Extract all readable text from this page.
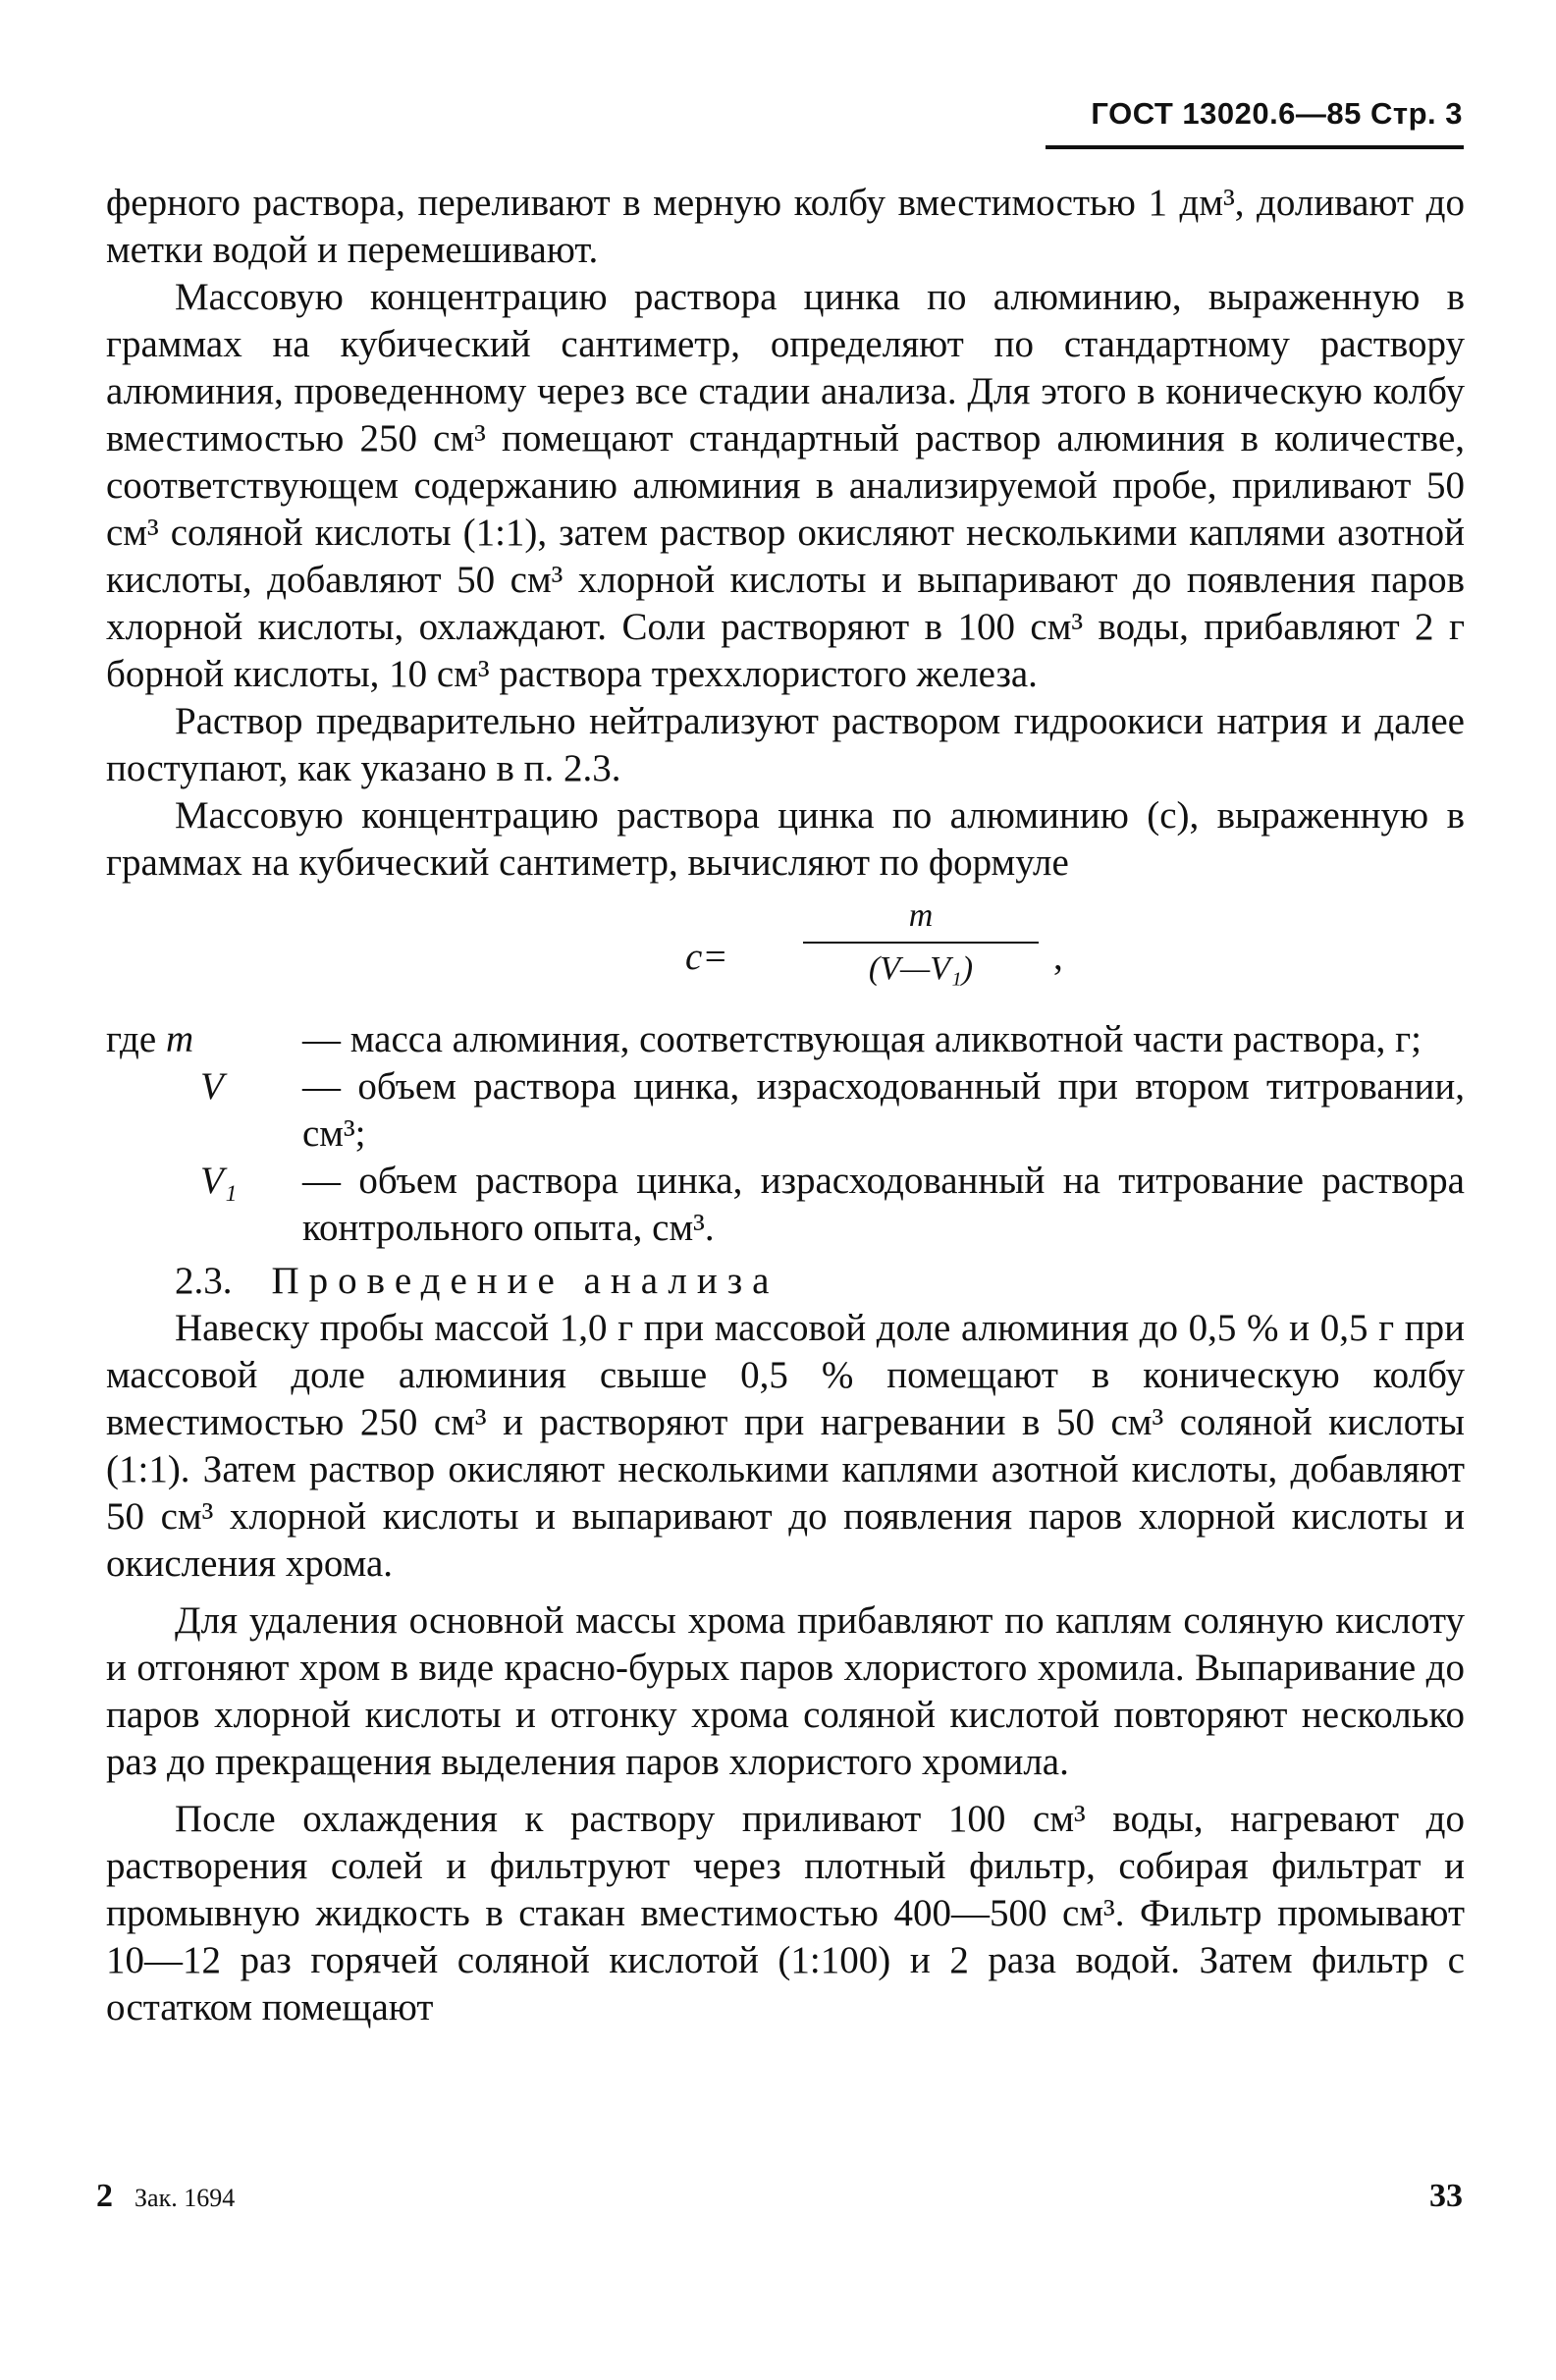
ГОСТ 13020.6—85 Стр. 3

ферного раствора, переливают в мерную колбу вместимостью 1 дм³, доливают до метки водой и перемешивают.

Массовую концентрацию раствора цинка по алюминию, выраженную в граммах на кубический сантиметр, определяют по стандартному раствору алюминия, проведенному через все стадии анализа. Для этого в коническую колбу вместимостью 250 см³ помещают стандартный раствор алюминия в количестве, соответствующем содержанию алюминия в анализируемой пробе, приливают 50 см³ соляной кислоты (1:1), затем раствор окисляют несколькими каплями азотной кислоты, добавляют 50 см³ хлорной кислоты и выпаривают до появления паров хлорной кислоты, охлаждают. Соли растворяют в 100 см³ воды, прибавляют 2 г борной кислоты, 10 см³ раствора треххлористого железа.

Раствор предварительно нейтрализуют раствором гидроокиси натрия и далее поступают, как указано в п. 2.3.

Массовую концентрацию раствора цинка по алюминию (c), выраженную в граммах на кубический сантиметр, вычисляют по формуле

c=
m
(V—V₁)	,
где m	— масса алюминия, соответствующая аликвотной части раствора, г;
V	— объем раствора цинка, израсходованный при втором титровании, см³;
V₁	— объем раствора цинка, израсходованный на титрование раствора контрольного опыта, см³.

2.3. Проведение анализа

Навеску пробы массой 1,0 г при массовой доле алюминия до 0,5 % и 0,5 г при массовой доле алюминия свыше 0,5 % помещают в коническую колбу вместимостью 250 см³ и растворяют при нагревании в 50 см³ соляной кислоты (1:1). Затем раствор окисляют несколькими каплями азотной кислоты, добавляют 50 см³ хлорной кислоты и выпаривают до появления паров хлорной кислоты и окисления хрома.

Для удаления основной массы хрома прибавляют по каплям соляную кислоту и отгоняют хром в виде красно-бурых паров хлористого хромила. Выпаривание до паров хлорной кислоты и отгонку хрома соляной кислотой повторяют несколько раз до прекращения выделения паров хлористого хромила.

После охлаждения к раствору приливают 100 см³ воды, нагревают до растворения солей и фильтруют через плотный фильтр, собирая фильтрат и промывную жидкость в стакан вместимостью 400—500 см³. Фильтр промывают 10—12 раз горячей соляной кислотой (1:100) и 2 раза водой. Затем фильтр с остатком помещают

2 Зак. 1694	33
